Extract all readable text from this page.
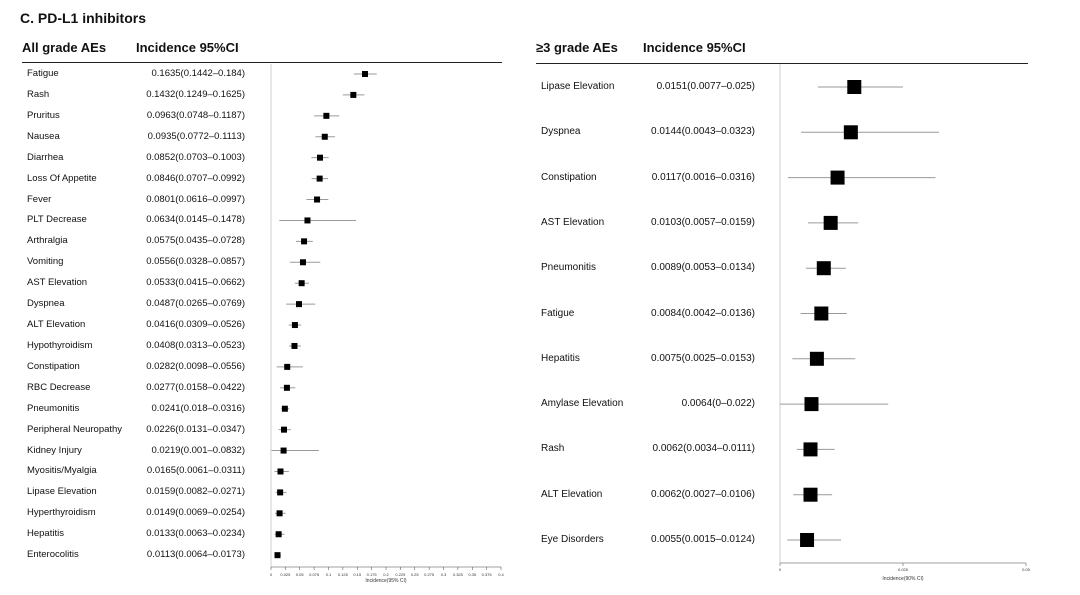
C. PD-L1 inhibitors
All grade AEs Incidence 95%CI	≥3 grade AEs Incidence 95%CI
Fatigue	0.1635(0.1442–0.184)
Rash	0.1432(0.1249–0.1625)
Pruritus	0.0963(0.0748–0.1187)
Nausea	0.0935(0.0772–0.1113)
Diarrhea	0.0852(0.0703–0.1003)
Loss Of Appetite	0.0846(0.0707–0.0992)
Fever	0.0801(0.0616–0.0997)
PLT Decrease	0.0634(0.0145–0.1478)
Arthralgia	0.0575(0.0435–0.0728)
Vomiting	0.0556(0.0328–0.0857)
AST Elevation	0.0533(0.0415–0.0662)
Dyspnea	0.0487(0.0265–0.0769)
ALT Elevation	0.0416(0.0309–0.0526)
Hypothyroidism	0.0408(0.0313–0.0523)
Constipation	0.0282(0.0098–0.0556)
RBC Decrease	0.0277(0.0158–0.0422)
Pneumonitis	0.0241(0.018–0.0316)
Peripheral Neuropathy	0.0226(0.0131–0.0347)
Kidney Injury	0.0219(0.001–0.0832)
Myositis/Myalgia	0.0165(0.0061–0.0311)
Lipase Elevation	0.0159(0.0082–0.0271)
Hyperthyroidism	0.0149(0.0069–0.0254)
Hepatitis	0.0133(0.0063–0.0234)
Enterocolitis	0.0113(0.0064–0.0173)
Lipase Elevation	0.0151(0.0077–0.025)
Dyspnea	0.0144(0.0043–0.0323)
Constipation	0.0117(0.0016–0.0316)
AST Elevation	0.0103(0.0057–0.0159)
Pneumonitis	0.0089(0.0053–0.0134)
Fatigue	0.0084(0.0042–0.0136)
Hepatitis	0.0075(0.0025–0.0153)
Amylase Elevation	0.0064(0–0.022)
Rash	0.0062(0.0034–0.0111)
ALT Elevation	0.0062(0.0027–0.0106)
Eye Disorders	0.0055(0.0015–0.0124)
0 0.025 0.05 0.075 0.1 0.125 0.15 0.175 0.2 0.225 0.25 0.275 0.3 0.325 0.35 0.375 0.4
Incidence(95% CI)
0	0.025	0.05
Incidence(90% CI)
